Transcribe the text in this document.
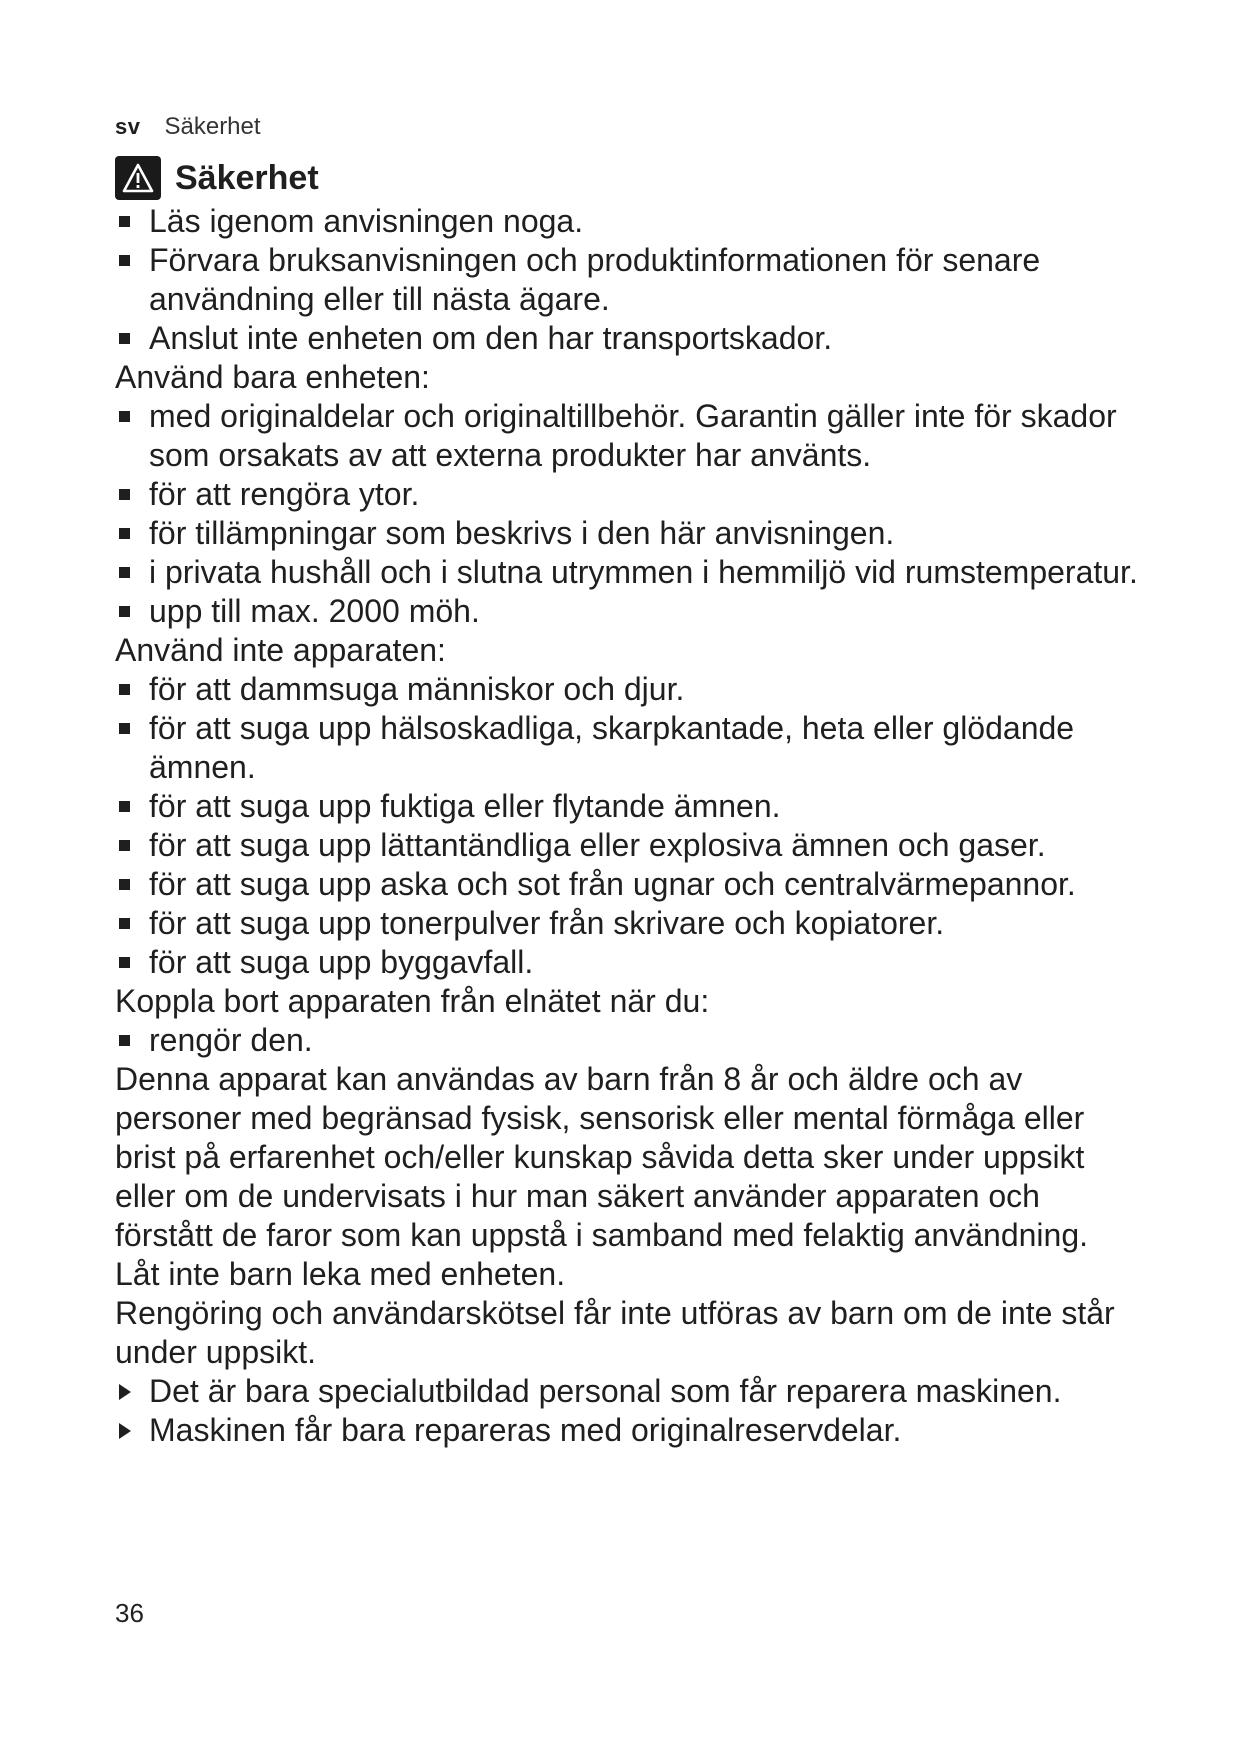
sv Säkerhet
Säkerhet
Läs igenom anvisningen noga.
Förvara bruksanvisningen och produktinformationen för senare användning eller till nästa ägare.
Anslut inte enheten om den har transportskador.
Använd bara enheten:
med originaldelar och originaltillbehör. Garantin gäller inte för skador som orsakats av att externa produkter har använts.
för att rengöra ytor.
för tillämpningar som beskrivs i den här anvisningen.
i privata hushåll och i slutna utrymmen i hemmiljö vid rumstemperatur.
upp till max. 2000 möh.
Använd inte apparaten:
för att dammsuga människor och djur.
för att suga upp hälsoskadliga, skarpkantade, heta eller glödande ämnen.
för att suga upp fuktiga eller flytande ämnen.
för att suga upp lättantändliga eller explosiva ämnen och gaser.
för att suga upp aska och sot från ugnar och centralvärmepannor.
för att suga upp tonerpulver från skrivare och kopiatorer.
för att suga upp byggavfall.
Koppla bort apparaten från elnätet när du:
rengör den.
Denna apparat kan användas av barn från 8 år och äldre och av personer med begränsad fysisk, sensorisk eller mental förmåga eller brist på erfarenhet och/eller kunskap såvida detta sker under uppsikt eller om de undervisats i hur man säkert använder apparaten och förstått de faror som kan uppstå i samband med felaktig användning.
Låt inte barn leka med enheten.
Rengöring och användarskötsel får inte utföras av barn om de inte står under uppsikt.
Det är bara specialutbildad personal som får reparera maskinen.
Maskinen får bara repareras med originalreservdelar.
36
